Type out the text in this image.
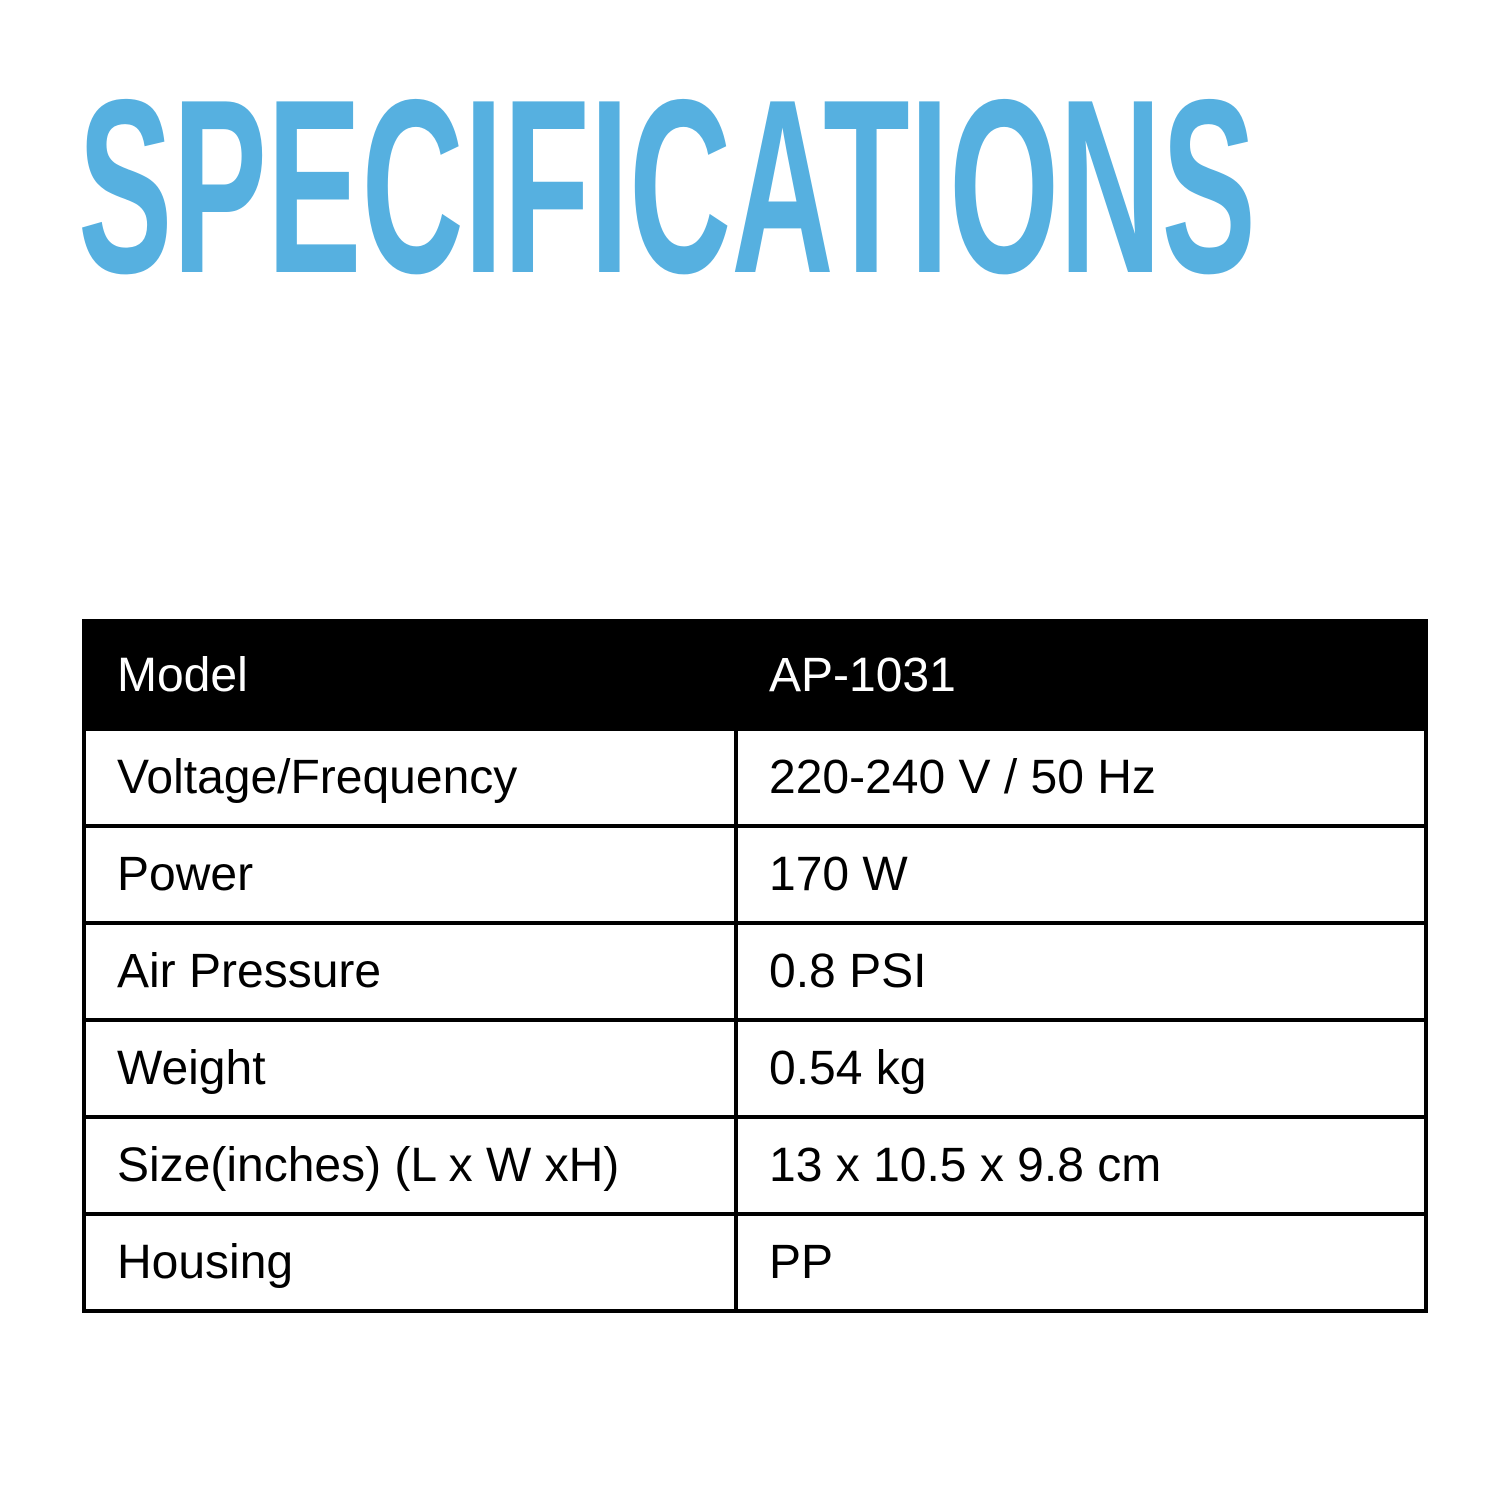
SPECIFICATIONS
Model	AP-1031
Voltage/Frequency	220-240 V / 50 Hz
Power	170 W
Air Pressure	0.8 PSI
Weight	0.54 kg
Size(inches) (L x W xH)	13 x 10.5 x 9.8 cm
Housing	PP
